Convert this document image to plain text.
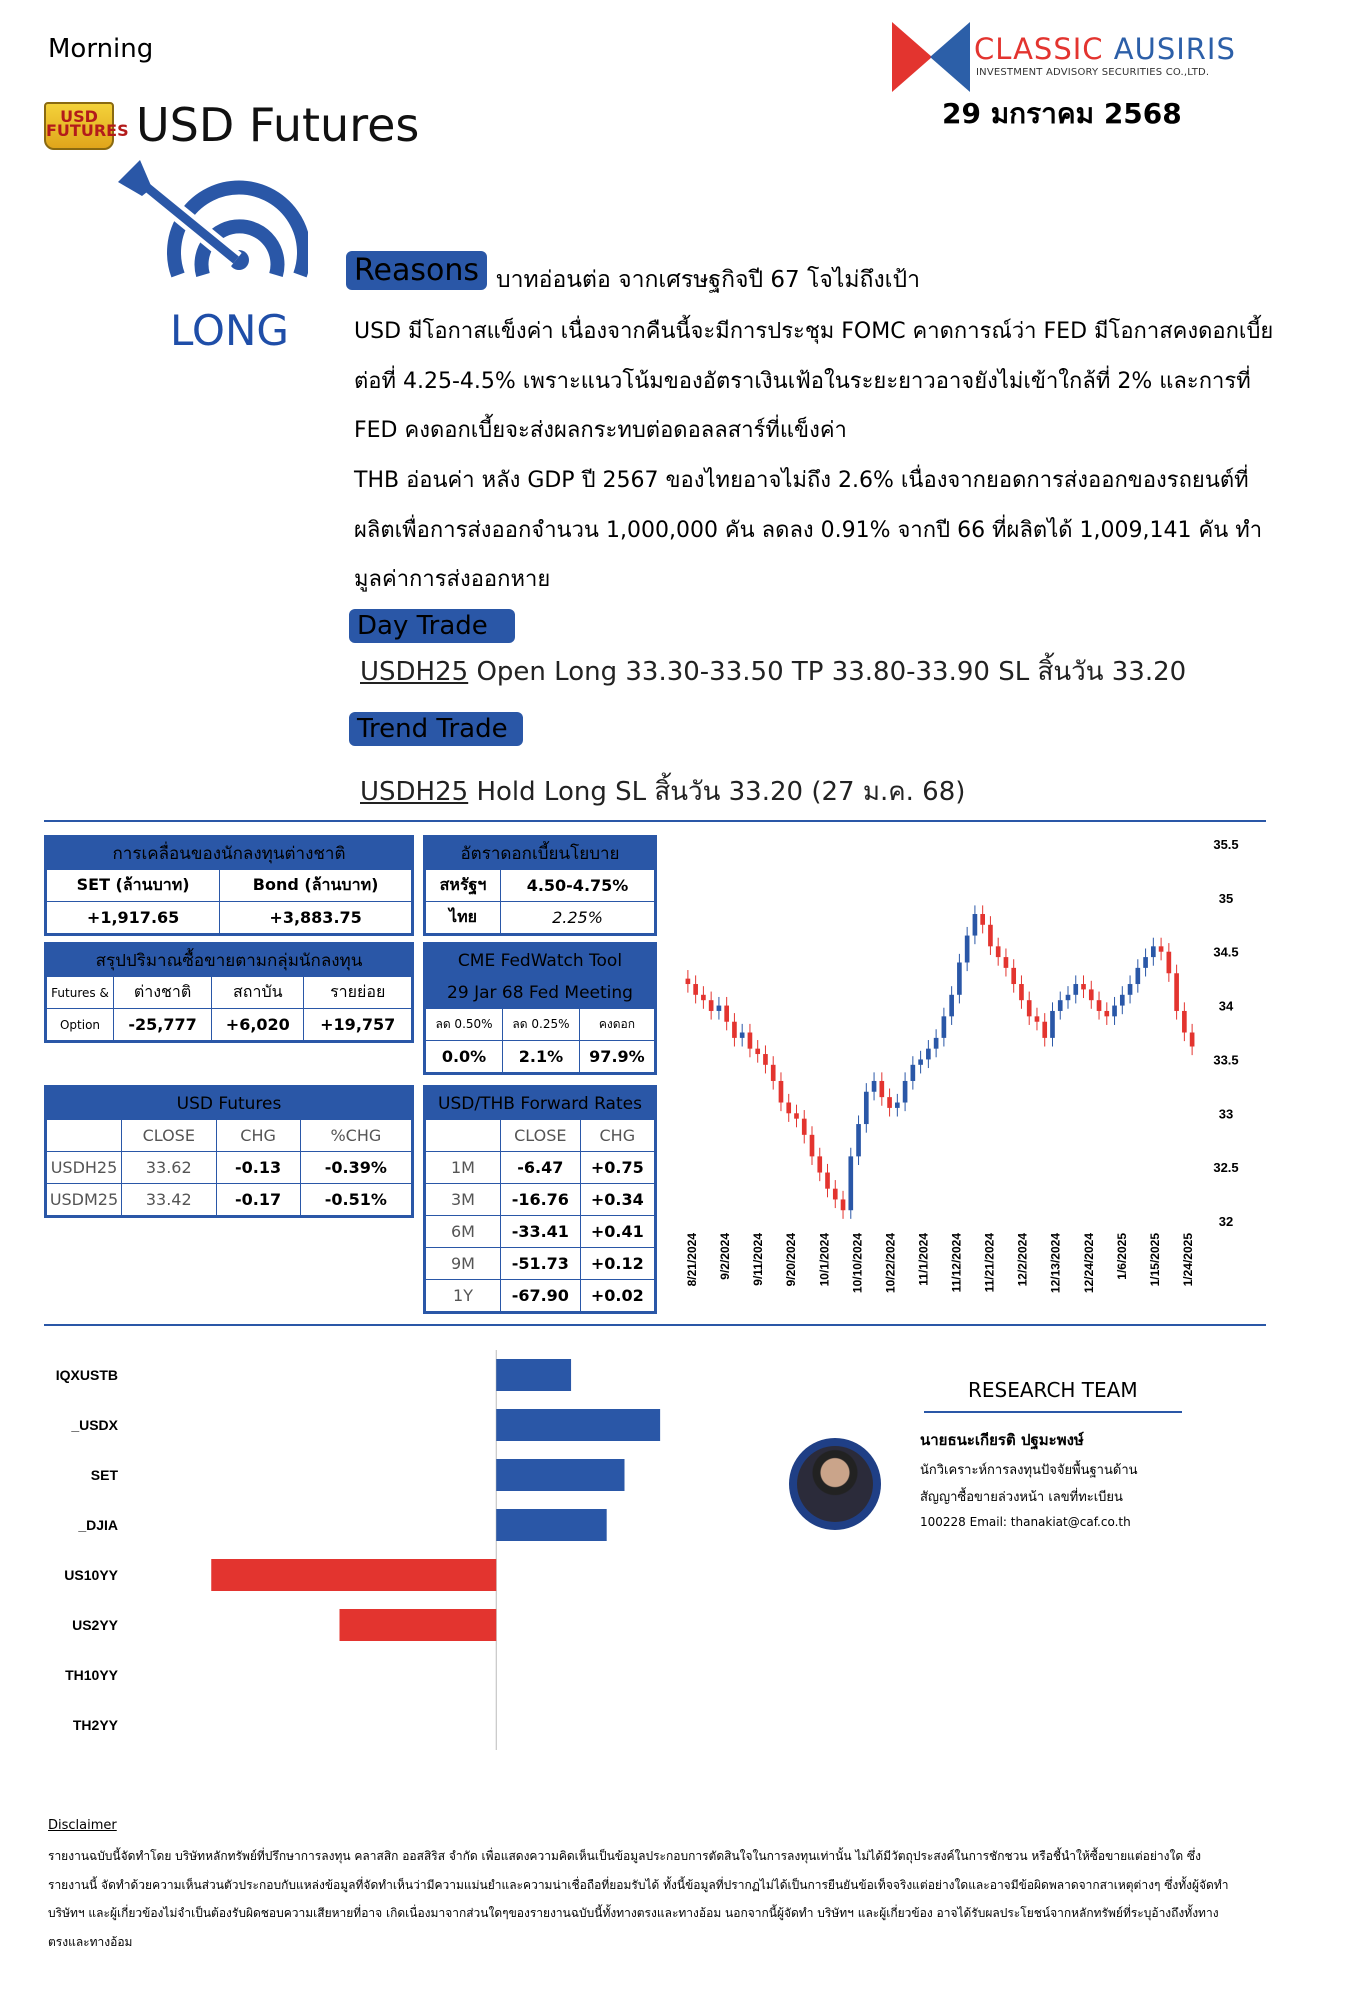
Morning
USD FUTURES USD Futures
CLASSIC AUSIRIS
INVESTMENT ADVISORY SECURITIES CO.,LTD.
29 มกราคม 2568
LONG
Reasons บาทอ่อนต่อ จากเศรษฐกิจปี 67 โจไม่ถึงเป้า
USD มีโอกาสแข็งค่า เนื่องจากคืนนี้จะมีการประชุม FOMC คาดการณ์ว่า FED มีโอกาสคงดอกเบี้ยต่อที่ 4.25-4.5% เพราะแนวโน้มของอัตราเงินเฟ้อในระยะยาวอาจยังไม่เข้าใกล้ที่ 2% และการที่ FED คงดอกเบี้ยจะส่งผลกระทบต่อดอลลสาร์ที่แข็งค่า
THB อ่อนค่า หลัง GDP ปี 2567 ของไทยอาจไม่ถึง 2.6% เนื่องจากยอดการส่งออกของรถยนต์ที่ผลิตเพื่อการส่งออกจำนวน 1,000,000 คัน ลดลง 0.91% จากปี 66 ที่ผลิตได้ 1,009,141 คัน ทำมูลค่าการส่งออกหาย
Day Trade
USDH25 Open Long 33.30-33.50 TP 33.80-33.90 SL สิ้นวัน 33.20
Trend Trade
USDH25 Hold Long SL สิ้นวัน 33.20 (27 ม.ค. 68)
การเคลื่อนของนักลงทุนต่างชาติ	
SET (ล้านบาท)	Bond (ล้านบาท)
+1,917.65	+3,883.75
สรุปปริมาณซื้อขายตามกลุ่มนักลงทุน			
Futures &	ต่างชาติ	สถาบัน	รายย่อย
Option	-25,777	+6,020	+19,757
USD Futures			
	CLOSE	CHG	%CHG
USDH25	33.62	-0.13	-0.39%
USDM25	33.42	-0.17	-0.51%
อัตราดอกเบี้ยนโยบาย	
สหรัฐฯ	4.50-4.75%
ไทย	2.25%
CME FedWatch Tool		
29 Jar 68 Fed Meeting		
ลด 0.50%	ลด 0.25%	คงดอก
0.0%	2.1%	97.9%
USD/THB Forward Rates		
	CLOSE	CHG
1M	-6.47	+0.75
3M	-16.76	+0.34
6M	-33.41	+0.41
9M	-51.73	+0.12
1Y	-67.90	+0.02
35.5
35
34.5
34
33.5
33
32.5
32
8/21/2024 9/2/2024 9/11/2024 9/20/2024 10/1/2024 10/10/2024 10/22/2024 11/1/2024 11/12/2024 11/21/2024 12/2/2024 12/13/2024 12/24/2024 1/6/2025 1/15/2025 1/24/2025
IQXUSTB
_USDX
SET
_DJIA
US10YY
US2YY
TH10YY
TH2YY
RESEARCH TEAM
นายธนะเกียรติ ปฐมะพงษ์
นักวิเคราะห์การลงทุนปัจจัยพื้นฐานด้าน
สัญญาซื้อขายล่วงหน้า เลขที่ทะเบียน
100228 Email: thanakiat@caf.co.th
Disclaimer
รายงานฉบับนี้จัดทำโดย บริษัทหลักทรัพย์ที่ปรึกษาการลงทุน คลาสสิก ออสสิริส จำกัด เพื่อแสดงความคิดเห็นเป็นข้อมูลประกอบการตัดสินใจในการลงทุนเท่านั้น ไม่ได้มีวัตถุประสงค์ในการชักชวน หรือชี้นำให้ซื้อขายแต่อย่างใด ซึ่งรายงานนี้ จัดทำด้วยความเห็นส่วนตัวประกอบกับแหล่งข้อมูลที่จัดทำเห็นว่ามีความแม่นยำและความน่าเชื่อถือที่ยอมรับได้ ทั้งนี้ข้อมูลที่ปรากฏไม่ได้เป็นการยืนยันข้อเท็จจริงแต่อย่างใดและอาจมีข้อผิดพลาดจากสาเหตุต่างๆ ซึ่งทั้งผู้จัดทำ บริษัทฯ และผู้เกี่ยวข้องไม่จำเป็นต้องรับผิดชอบความเสียหายที่อาจ เกิดเนื่องมาจากส่วนใดๆของรายงานฉบับนี้ทั้งทางตรงและทางอ้อม นอกจากนี้ผู้จัดทำ บริษัทฯ และผู้เกี่ยวข้อง อาจได้รับผลประโยชน์จากหลักทรัพย์ที่ระบุอ้างถึงทั้งทางตรงและทางอ้อม
